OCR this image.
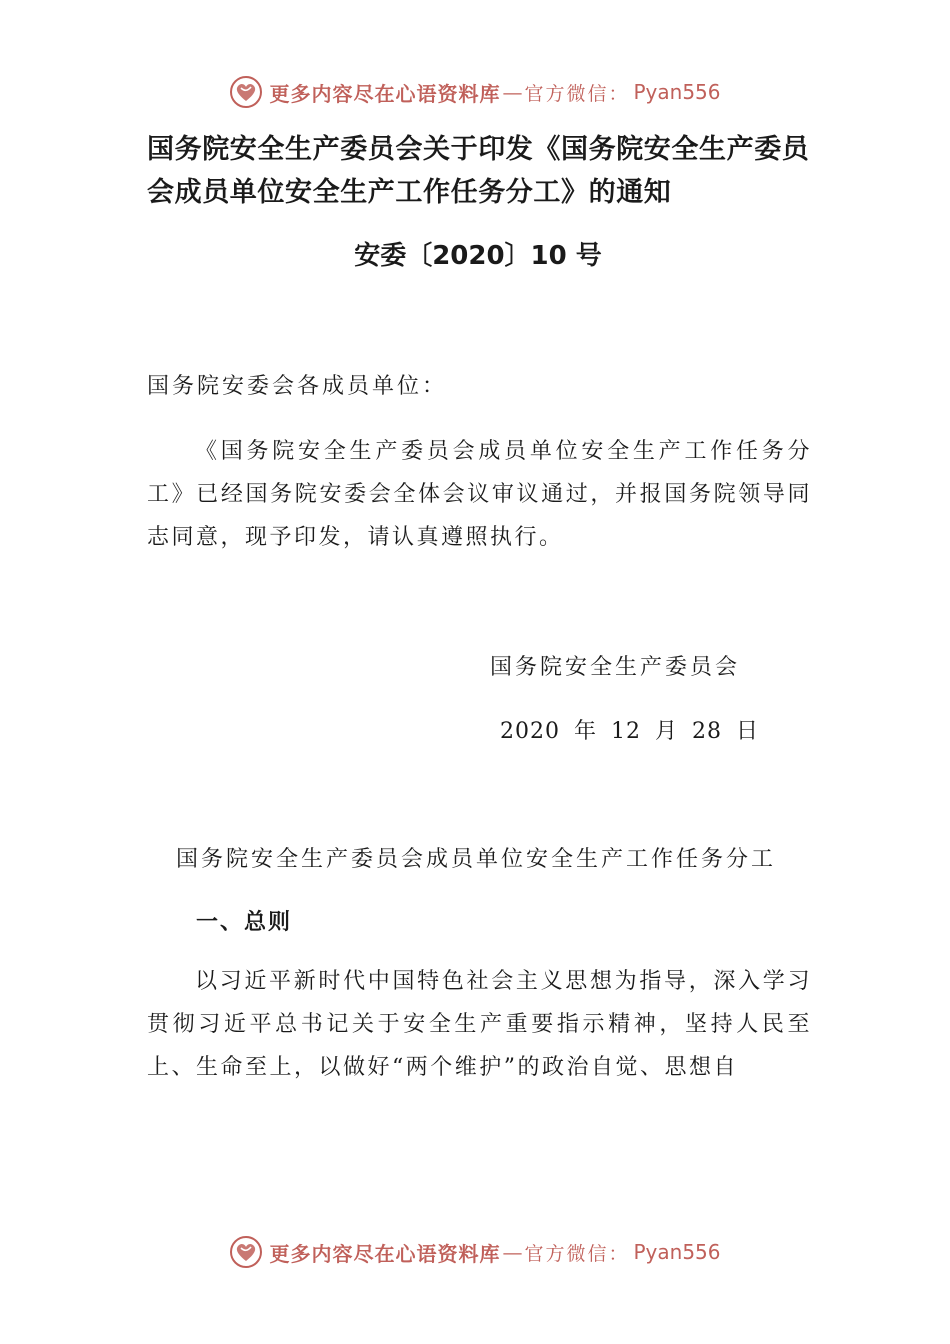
更多内容尽在心语资料库 — 官方微信： Pyan556
国务院安全生产委员会关于印发《国务院安全生产委员会成员单位安全生产工作任务分工》的通知
安委〔2020〕10 号
国务院安委会各成员单位：

《国务院安全生产委员会成员单位安全生产工作任务分工》已经国务院安委会全体会议审议通过，并报国务院领导同志同意，现予印发，请认真遵照执行。

国务院安全生产委员会
2020 年 12 月 28 日
国务院安全生产委员会成员单位安全生产工作任务分工
一、总则

以习近平新时代中国特色社会主义思想为指导，深入学习贯彻习近平总书记关于安全生产重要指示精神，坚持人民至上、生命至上，以做好“两个维护”的政治自觉、思想自

更多内容尽在心语资料库 — 官方微信： Pyan556
